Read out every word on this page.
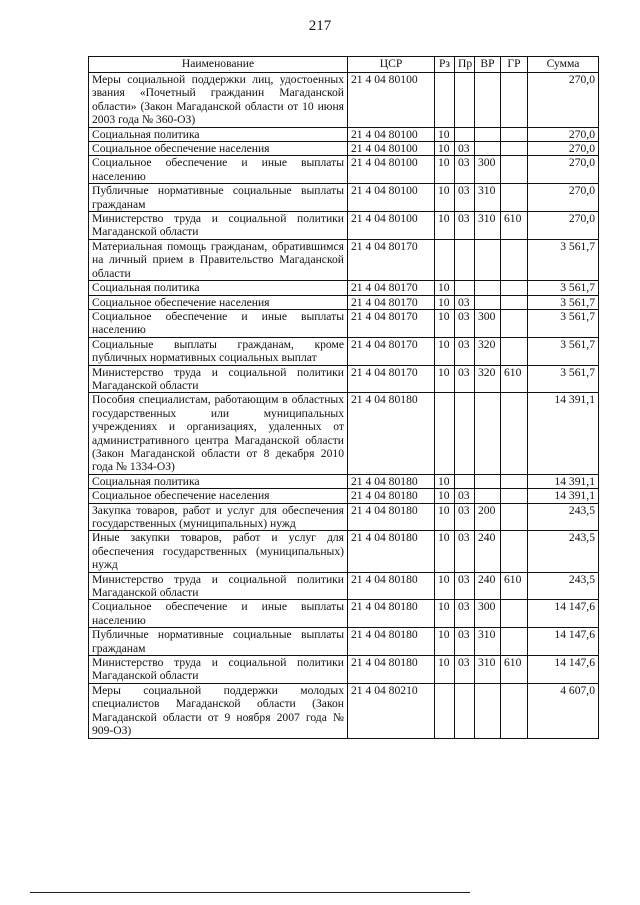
217
Наименование	ЦСР	Рз	Пр	ВР	ГР	Сумма
Меры социальной поддержки лиц, удостоенных звания «Почетный гражданин Магаданской области» (Закон Магаданской области от 10 июня 2003 года № 360-ОЗ)	21 4 04 80100					270,0
Социальная политика	21 4 04 80100	10				270,0
Социальное обеспечение населения	21 4 04 80100	10	03			270,0
Социальное обеспечение и иные выплаты населению	21 4 04 80100	10	03	300		270,0
Публичные нормативные социальные выплаты гражданам	21 4 04 80100	10	03	310		270,0
Министерство труда и социальной политики Магаданской области	21 4 04 80100	10	03	310	610	270,0
Материальная помощь гражданам, обратившимся на личный прием в Правительство Магаданской области	21 4 04 80170					3 561,7
Социальная политика	21 4 04 80170	10				3 561,7
Социальное обеспечение населения	21 4 04 80170	10	03			3 561,7
Социальное обеспечение и иные выплаты населению	21 4 04 80170	10	03	300		3 561,7
Социальные выплаты гражданам, кроме публичных нормативных социальных выплат	21 4 04 80170	10	03	320		3 561,7
Министерство труда и социальной политики Магаданской области	21 4 04 80170	10	03	320	610	3 561,7
Пособия специалистам, работающим в областных государственных или муниципальных учреждениях и организациях, удаленных от административного центра Магаданской области (Закон Магаданской области от 8 декабря 2010 года № 1334-ОЗ)	21 4 04 80180					14 391,1
Социальная политика	21 4 04 80180	10				14 391,1
Социальное обеспечение населения	21 4 04 80180	10	03			14 391,1
Закупка товаров, работ и услуг для обеспечения государственных (муниципальных) нужд	21 4 04 80180	10	03	200		243,5
Иные закупки товаров, работ и услуг для обеспечения государственных (муниципальных) нужд	21 4 04 80180	10	03	240		243,5
Министерство труда и социальной политики Магаданской области	21 4 04 80180	10	03	240	610	243,5
Социальное обеспечение и иные выплаты населению	21 4 04 80180	10	03	300		14 147,6
Публичные нормативные социальные выплаты гражданам	21 4 04 80180	10	03	310		14 147,6
Министерство труда и социальной политики Магаданской области	21 4 04 80180	10	03	310	610	14 147,6
Меры социальной поддержки молодых специалистов Магаданской области (Закон Магаданской области от 9 ноября 2007 года № 909-ОЗ)	21 4 04 80210					4 607,0
